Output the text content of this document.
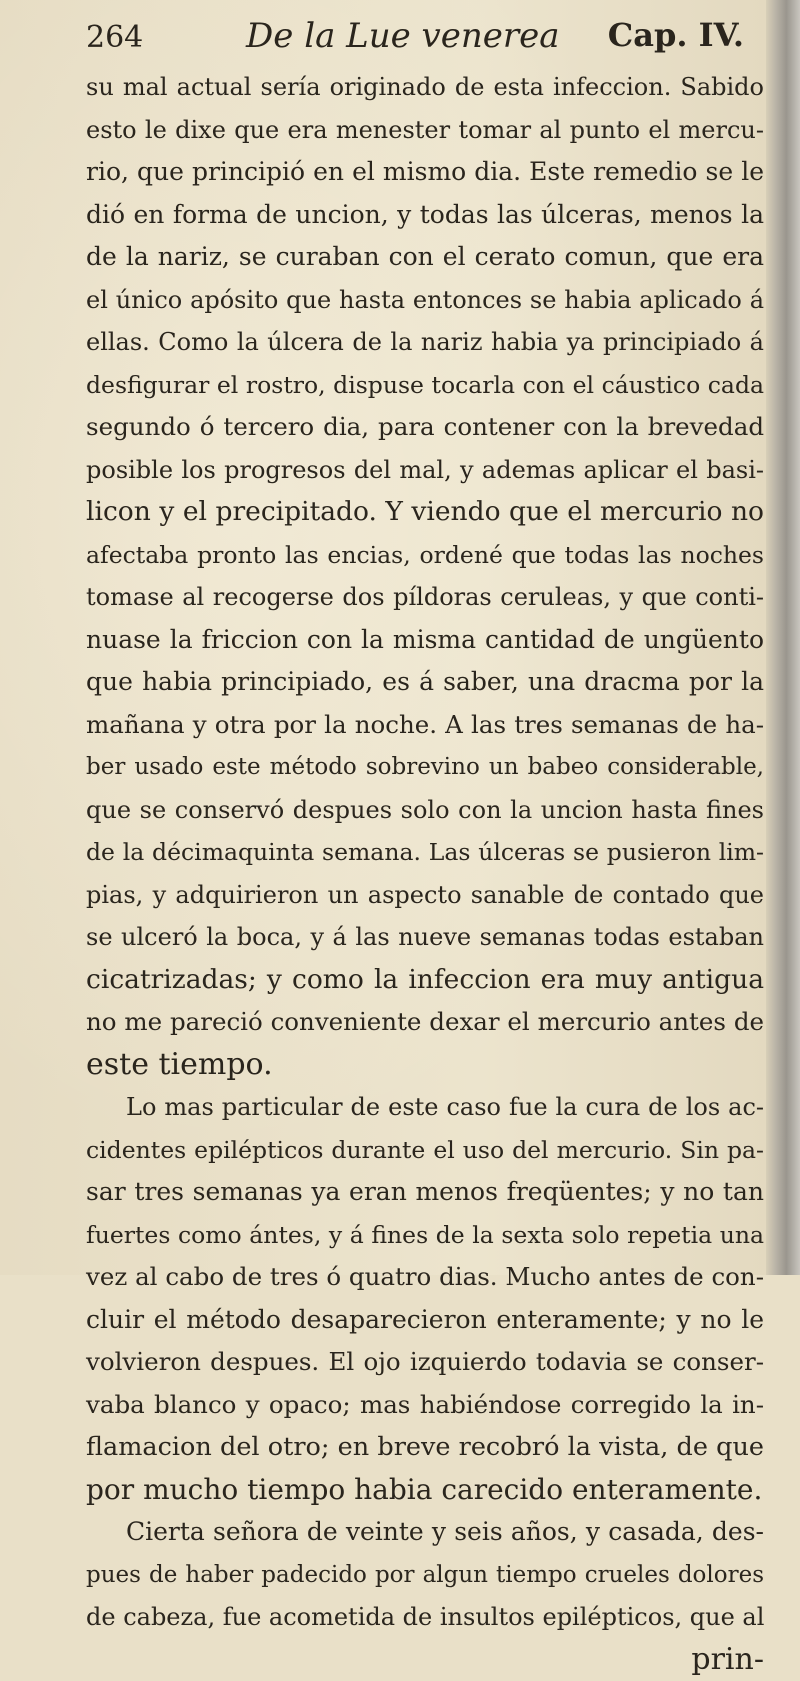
264	De la Lue venerea Cap. IV.
su mal actual sería originado de esta infeccion. Sabido
esto le dixe que era menester tomar al punto el mercu-
rio, que principió en el mismo dia. Este remedio se le
dió en forma de uncion, y todas las úlceras, menos la
de la nariz, se curaban con el cerato comun, que era
el único apósito que hasta entonces se habia aplicado á
ellas. Como la úlcera de la nariz habia ya principiado á
desfigurar el rostro, dispuse tocarla con el cáustico cada
segundo ó tercero dia, para contener con la brevedad
posible los progresos del mal, y ademas aplicar el basi-
licon y el precipitado. Y viendo que el mercurio no
afectaba pronto las encias, ordené que todas las noches
tomase al recogerse dos píldoras ceruleas, y que conti-
nuase la friccion con la misma cantidad de ungüento
que habia principiado, es á saber, una dracma por la
mañana y otra por la noche. A las tres semanas de ha-
ber usado este método sobrevino un babeo considerable,
que se conservó despues solo con la uncion hasta fines
de la décimaquinta semana. Las úlceras se pusieron lim-
pias, y adquirieron un aspecto sanable de contado que
se ulceró la boca, y á las nueve semanas todas estaban
cicatrizadas; y como la infeccion era muy antigua
no me pareció conveniente dexar el mercurio antes de
este tiempo.
Lo mas particular de este caso fue la cura de los ac-
cidentes epilépticos durante el uso del mercurio. Sin pa-
sar tres semanas ya eran menos freqüentes; y no tan
fuertes como ántes, y á fines de la sexta solo repetia una
vez al cabo de tres ó quatro dias. Mucho antes de con-
cluir el método desaparecieron enteramente; y no le
volvieron despues. El ojo izquierdo todavia se conser-
vaba blanco y opaco; mas habiéndose corregido la in-
flamacion del otro; en breve recobró la vista, de que
por mucho tiempo habia carecido enteramente.
Cierta señora de veinte y seis años, y casada, des-
pues de haber padecido por algun tiempo crueles dolores
de cabeza, fue acometida de insultos epilépticos, que al
prin-
